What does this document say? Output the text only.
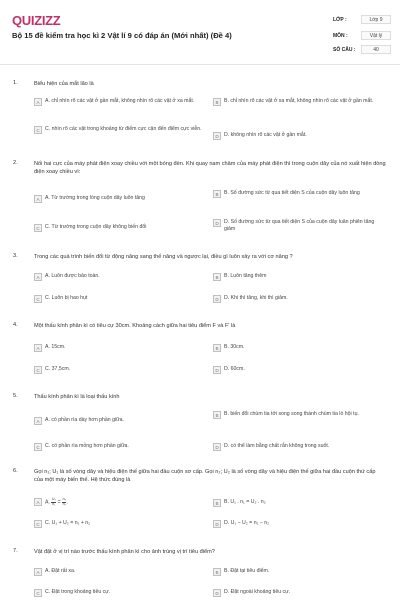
QUIZIZZ
Bộ 15 đề kiểm tra học kì 2 Vật lí 9 có đáp án (Mới nhất) (Đề 4)
LỚP :	Lớp 9
MÔN :	Vật lý
SỐ CÂU :	40
1.	Biểu hiện của mắt lão là
A	A. chỉ nhìn rõ các vật ở gần mắt, không nhìn rõ các vật ở xa mắt.	B	B. chỉ nhìn rõ các vật ở xa mắt, không nhìn rõ các vật ở gần mắt.
C	C. nhìn rõ các vật trong khoảng từ điểm cực cận đến điểm cực viễn.
D	D. không nhìn rõ các vật ở gần mắt.
2.	Nối hai cực của máy phát điện xoay chiều với một bóng đèn. Khi quay nam châm của máy phát điện thì trong cuộn dây của nó xuất hiện dòng điện xoay chiều vì:
A	A. Từ trường trong lòng cuộn dây luôn tăng
B	B. Số đường sức từ qua tiết diện S của cuộn dây luôn tăng
C	C. Từ trường trong cuộn dây không biến đổi
D	D. Số đường sức từ qua tiết diện S của cuộn dây luân phiên tăng giảm
3.	Trong các quá trình biến đổi từ động năng sang thế năng và ngược lại, điều gì luôn xảy ra với cơ năng ?
A	A. Luôn được bảo toàn.	B	B. Luôn tăng thêm
C	C. Luôn bị hao hụt	D	D. Khi thì tăng, khi thì giảm.
4.	Một thấu kính phân kì có tiêu cự 30cm. Khoảng cách giữa hai tiêu điểm F và F' là
A	A. 15cm.	B	B. 30cm.
C	C. 37,5cm.	D	D. 60cm.
5.	Thấu kính phân kì là loại thấu kính
A	A. có phần rìa dày hơn phần giữa.
B	B. biến đổi chùm tia tới song song thành chùm tia ló hội tụ.
C	C. có phần rìa mỏng hơn phần giữa.	D	D. có thể làm bằng chất rắn không trong suốt.
6.	Gọi n₁; U₁ là số vòng dây và hiệu điện thế giữa hai đầu cuộn sơ cấp. Gọi n₂; U₂ là số vòng dây và hiệu điện thế giữa hai đầu cuộn thứ cấp của một máy biến thế. Hệ thức đúng là
A	A. $\frac{\text{U₁}}{\text{n₁}} = \frac{\text{n₂}}{\text{n₁}}$ .	B	B. U₁ . n₁ = U₂ . n₂
C	C. U₁ + U₂ = n₁ + n₂	D	D. U₁ − U₂ = n₁ − n₂
7.	Vật đặt ở vị trí nào trước thấu kính phân kì cho ảnh trùng vị trí tiêu điểm?
A	A. Đặt rất xa.	B	B. Đặt tại tiêu điểm.
C	C. Đặt trong khoảng tiêu cự.	D	D. Đặt ngoài khoảng tiêu cự.
